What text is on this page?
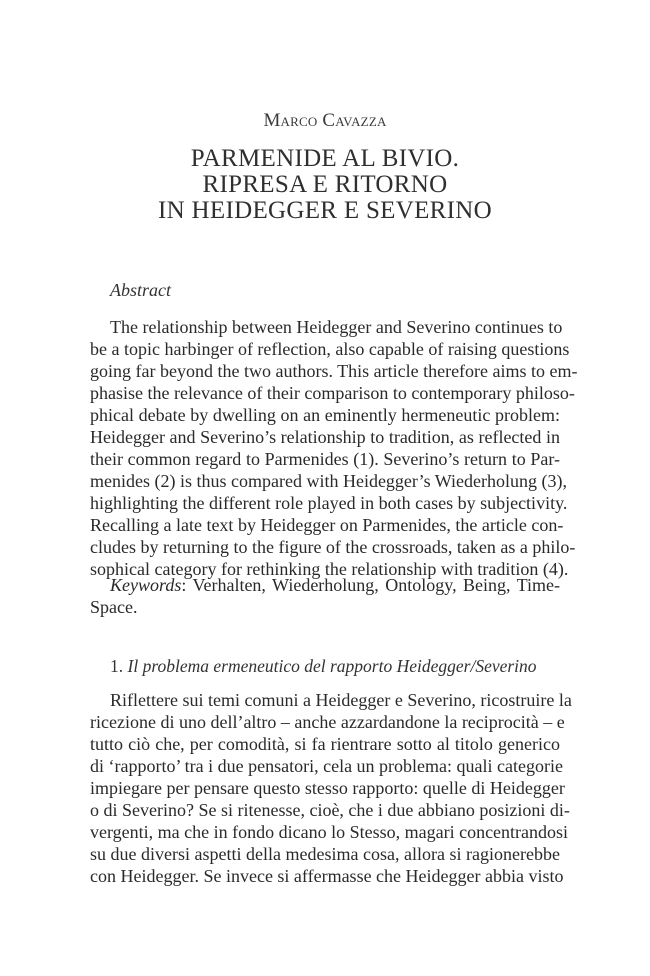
Marco Cavazza
PARMENIDE AL BIVIO.
RIPRESA E RITORNO
IN HEIDEGGER E SEVERINO
Abstract
The relationship between Heidegger and Severino continues to
be a topic harbinger of reflection, also capable of raising questions
going far beyond the two authors. This article therefore aims to em-
phasise the relevance of their comparison to contemporary philoso-
phical debate by dwelling on an eminently hermeneutic problem:
Heidegger and Severino’s relationship to tradition, as reflected in
their common regard to Parmenides (1). Severino’s return to Par-
menides (2) is thus compared with Heidegger’s Wiederholung (3),
highlighting the different role played in both cases by subjectivity.
Recalling a late text by Heidegger on Parmenides, the article con-
cludes by returning to the figure of the crossroads, taken as a philo-
sophical category for rethinking the relationship with tradition (4).
Keywords: Verhalten, Wiederholung, Ontology, Being, Time-
Space.
1. Il problema ermeneutico del rapporto Heidegger/Severino
Riflettere sui temi comuni a Heidegger e Severino, ricostruire la
ricezione di uno dell’altro – anche azzardandone la reciprocità – e
tutto ciò che, per comodità, si fa rientrare sotto al titolo generico
di ‘rapporto’ tra i due pensatori, cela un problema: quali categorie
impiegare per pensare questo stesso rapporto: quelle di Heidegger
o di Severino? Se si ritenesse, cioè, che i due abbiano posizioni di-
vergenti, ma che in fondo dicano lo Stesso, magari concentrandosi
su due diversi aspetti della medesima cosa, allora si ragionerebbe
con Heidegger. Se invece si affermasse che Heidegger abbia visto
